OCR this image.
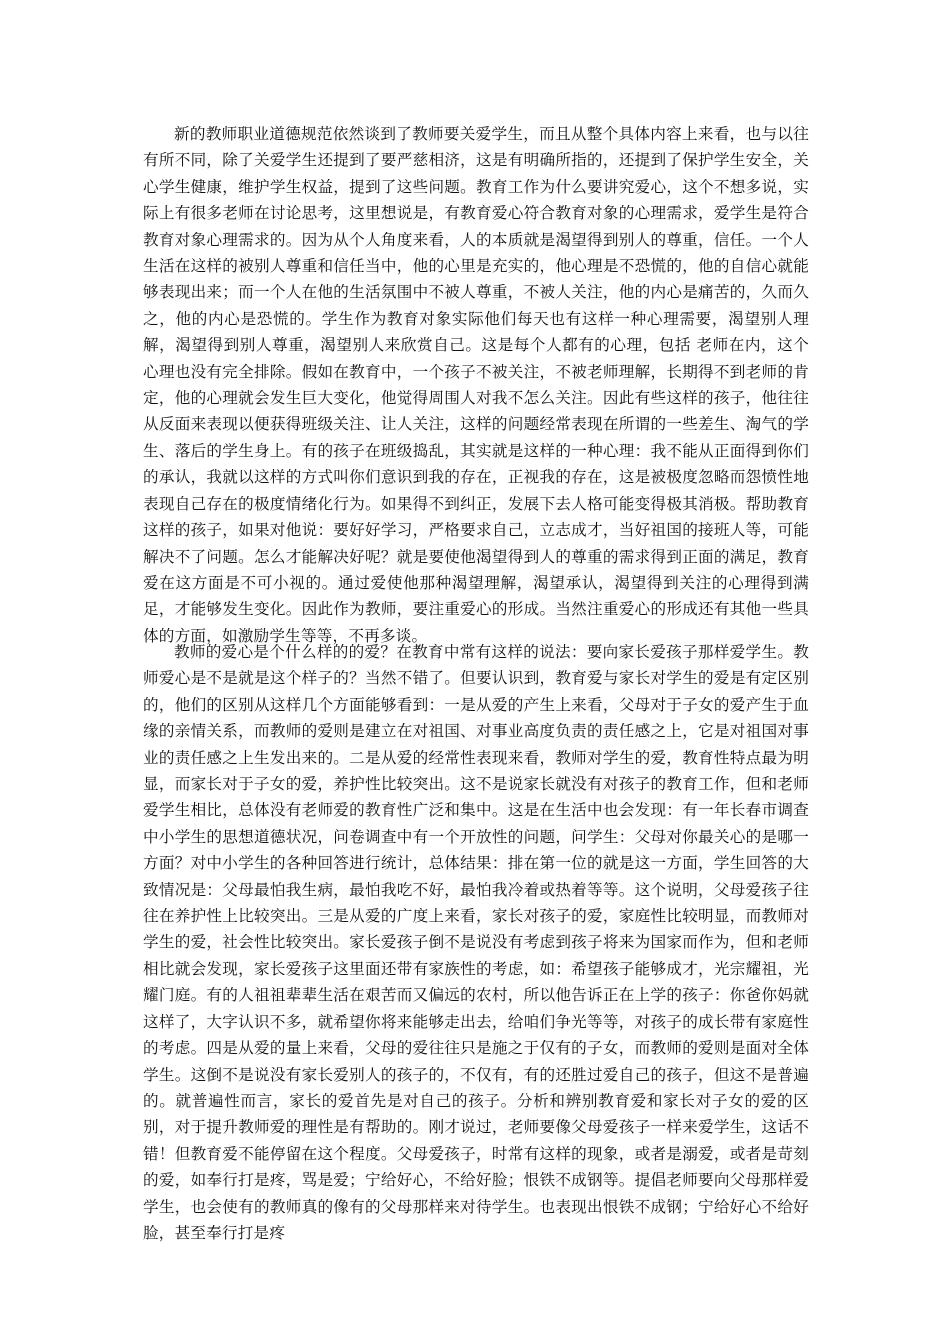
新的教师职业道德规范依然谈到了教师要关爱学生，而且从整个具体内容上来看，也与以往有所不同，除了关爱学生还提到了要严慈相济，这是有明确所指的，还提到了保护学生安全，关心学生健康，维护学生权益，提到了这些问题。教育工作为什么要讲究爱心，这个不想多说，实际上有很多老师在讨论思考，这里想说是，有教育爱心符合教育对象的心理需求，爱学生是符合教育对象心理需求的。因为从个人角度来看，人的本质就是渴望得到别人的尊重，信任。一个人生活在这样的被别人尊重和信任当中，他的心里是充实的，他心理是不恐慌的，他的自信心就能够表现出来；而一个人在他的生活氛围中不被人尊重，不被人关注，他的内心是痛苦的，久而久之，他的内心是恐慌的。学生作为教育对象实际他们每天也有这样一种心理需要，渴望别人理解，渴望得到别人尊重，渴望别人来欣赏自己。这是每个人都有的心理，包括 老师在内，这个心理也没有完全排除。假如在教育中，一个孩子不被关注，不被老师理解，长期得不到老师的肯定，他的心理就会发生巨大变化，他觉得周围人对我不怎么关注。因此有些这样的孩子，他往往从反面来表现以便获得班级关注、让人关注，这样的问题经常表现在所谓的一些差生、淘气的学生、落后的学生身上。有的孩子在班级捣乱，其实就是这样的一种心理：我不能从正面得到你们的承认，我就以这样的方式叫你们意识到我的存在，正视我的存在，这是被极度忽略而怨愤性地表现自己存在的极度情绪化行为。如果得不到纠正，发展下去人格可能变得极其消极。帮助教育这样的孩子，如果对他说：要好好学习，严格要求自己，立志成才，当好祖国的接班人等，可能解决不了问题。怎么才能解决好呢？就是要使他渴望得到人的尊重的需求得到正面的满足，教育爱在这方面是不可小视的。通过爱使他那种渴望理解，渴望承认，渴望得到关注的心理得到满足，才能够发生变化。因此作为教师，要注重爱心的形成。当然注重爱心的形成还有其他一些具体的方面，如激励学生等等，不再多谈。

教师的爱心是个什么样的的爱？在教育中常有这样的说法：要向家长爱孩子那样爱学生。教师爱心是不是就是这个样子的？当然不错了。但要认识到，教育爱与家长对学生的爱是有定区别的，他们的区别从这样几个方面能够看到：一是从爱的产生上来看，父母对于子女的爱产生于血缘的亲情关系，而教师的爱则是建立在对祖国、对事业高度负责的责任感之上，它是对祖国对事业的责任感之上生发出来的。二是从爱的经常性表现来看，教师对学生的爱，教育性特点最为明显，而家长对于子女的爱，养护性比较突出。这不是说家长就没有对孩子的教育工作，但和老师爱学生相比，总体没有老师爱的教育性广泛和集中。这是在生活中也会发现：有一年长春市调查中小学生的思想道德状况，问卷调查中有一个开放性的问题，问学生：父母对你最关心的是哪一方面？对中小学生的各种回答进行统计，总体结果：排在第一位的就是这一方面，学生回答的大致情况是：父母最怕我生病，最怕我吃不好，最怕我冷着或热着等等。这个说明，父母爱孩子往往在养护性上比较突出。三是从爱的广度上来看，家长对孩子的爱，家庭性比较明显，而教师对学生的爱，社会性比较突出。家长爱孩子倒不是说没有考虑到孩子将来为国家而作为，但和老师相比就会发现，家长爱孩子这里面还带有家族性的考虑，如：希望孩子能够成才，光宗耀祖，光耀门庭。有的人祖祖辈辈生活在艰苦而又偏远的农村，所以他告诉正在上学的孩子：你爸你妈就这样了，大字认识不多，就希望你将来能够走出去，给咱们争光等等，对孩子的成长带有家庭性的考虑。四是从爱的量上来看，父母的爱往往只是施之于仅有的子女，而教师的爱则是面对全体学生。这倒不是说没有家长爱别人的孩子的，不仅有，有的还胜过爱自己的孩子，但这不是普遍的。就普遍性而言，家长的爱首先是对自己的孩子。分析和辨别教育爱和家长对子女的爱的区别，对于提升教师爱的理性是有帮助的。刚才说过，老师要像父母爱孩子一样来爱学生，这话不错！但教育爱不能停留在这个程度。父母爱孩子，时常有这样的现象，或者是溺爱，或者是苛刻的爱，如奉行打是疼，骂是爱；宁给好心，不给好脸；恨铁不成钢等。提倡老师要向父母那样爱学生，也会使有的教师真的像有的父母那样来对待学生。也表现出恨铁不成钢；宁给好心不给好脸，甚至奉行打是疼
